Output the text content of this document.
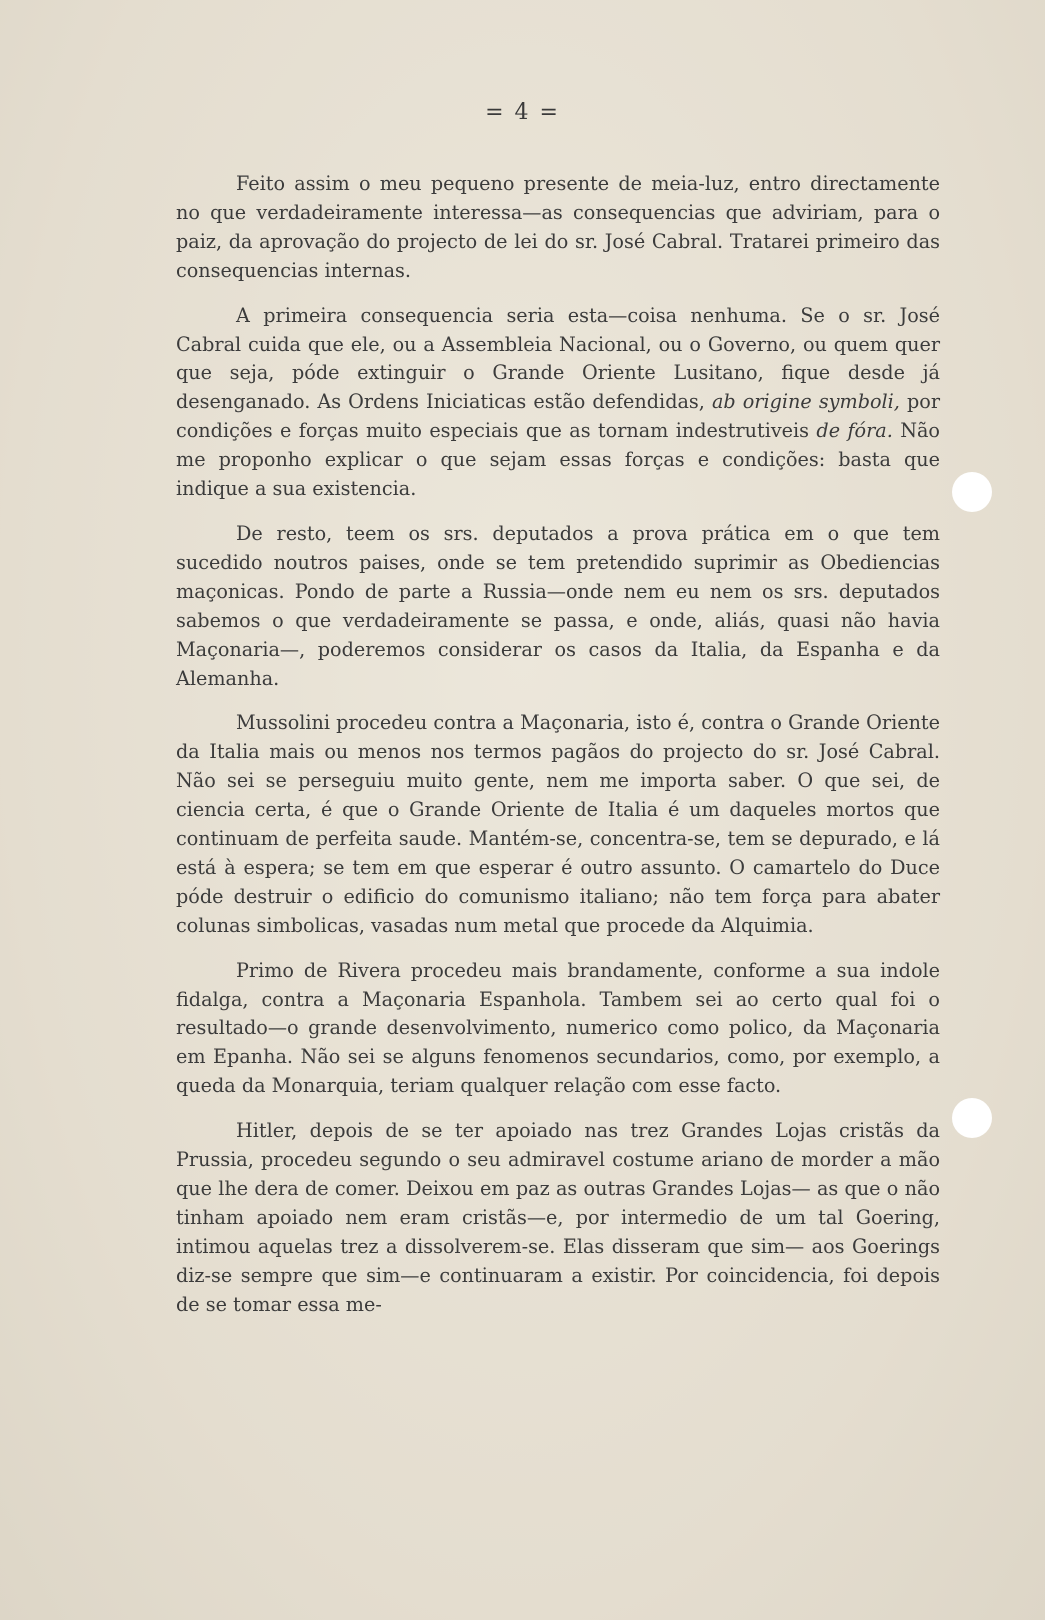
= 4 =

Feito assim o meu pequeno presente de meia-luz, entro directamente no que verdadeiramente interessa—as consequencias que adviriam, para o paiz, da aprovação do projecto de lei do sr. José Cabral. Tratarei primeiro das consequencias internas.

A primeira consequencia seria esta—coisa nenhuma. Se o sr. José Cabral cuida que ele, ou a Assembleia Nacional, ou o Governo, ou quem quer que seja, póde extinguir o Grande Oriente Lusitano, fique desde já desenganado. As Ordens Iniciaticas estão defendidas, ab origine symboli, por condições e forças muito especiais que as tornam indestrutiveis de fóra. Não me proponho explicar o que sejam essas forças e condições: basta que indique a sua existencia.

De resto, teem os srs. deputados a prova prática em o que tem sucedido noutros paises, onde se tem pretendido suprimir as Obediencias maçonicas. Pondo de parte a Russia—onde nem eu nem os srs. deputados sabemos o que verdadeiramente se passa, e onde, aliás, quasi não havia Maçonaria—, poderemos considerar os casos da Italia, da Espanha e da Alemanha.

Mussolini procedeu contra a Maçonaria, isto é, contra o Grande Oriente da Italia mais ou menos nos termos pagãos do projecto do sr. José Cabral. Não sei se perseguiu muito gente, nem me importa saber. O que sei, de ciencia certa, é que o Grande Oriente de Italia é um daqueles mortos que continuam de perfeita saude. Mantém-se, concentra-se, tem se depurado, e lá está à espera; se tem em que esperar é outro assunto. O camartelo do Duce póde destruir o edificio do comunismo italiano; não tem força para abater colunas simbolicas, vasadas num metal que procede da Alquimia.

Primo de Rivera procedeu mais brandamente, conforme a sua indole fidalga, contra a Maçonaria Espanhola. Tambem sei ao certo qual foi o resultado—o grande desenvolvimento, numerico como polico, da Maçonaria em Epanha. Não sei se alguns fenomenos secundarios, como, por exemplo, a queda da Monarquia, teriam qualquer relação com esse facto.

Hitler, depois de se ter apoiado nas trez Grandes Lojas cristãs da Prussia, procedeu segundo o seu admiravel costume ariano de morder a mão que lhe dera de comer. Deixou em paz as outras Grandes Lojas— as que o não tinham apoiado nem eram cristãs—e, por intermedio de um tal Goering, intimou aquelas trez a dissolverem-se. Elas disseram que sim— aos Goerings diz-se sempre que sim—e continuaram a existir. Por coincidencia, foi depois de se tomar essa me-
